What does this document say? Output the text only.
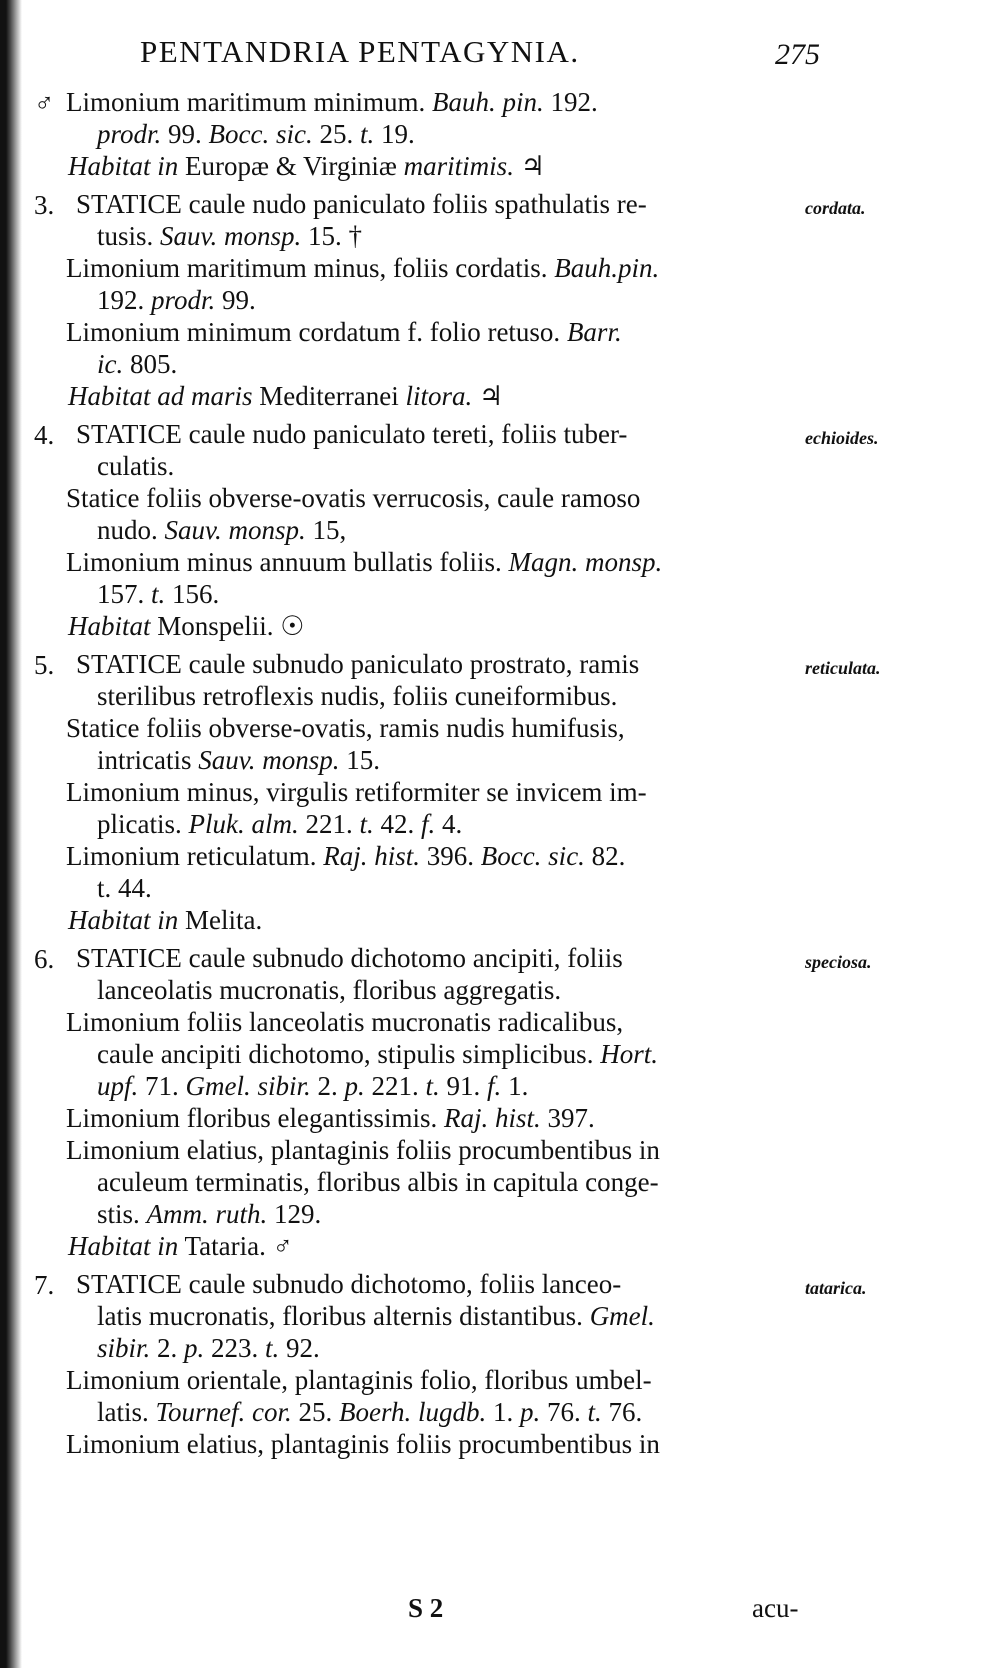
PENTANDRIA PENTAGYNIA.	275
♂ Limonium maritimum minimum. Bauh. pin. 192.
prodr. 99. Bocc. sic. 25. t. 19.
Habitat in Europæ & Virginiæ maritimis. ♃
3. STATICE caule nudo paniculato foliis spathulatis re-	cordata.
tusis. Sauv. monsp. 15. †
Limonium maritimum minus, foliis cordatis. Bauh.pin.
192. prodr. 99.
Limonium minimum cordatum f. folio retuso. Barr.
ic. 805.
Habitat ad maris Mediterranei litora. ♃
4. STATICE caule nudo paniculato tereti, foliis tuber-	echioides.
culatis.
Statice foliis obverse-ovatis verrucosis, caule ramoso
nudo. Sauv. monsp. 15,
Limonium minus annuum bullatis foliis. Magn. monsp.
157. t. 156.
Habitat Monspelii. ☉
5. STATICE caule subnudo paniculato prostrato, ramis	reticulata.
sterilibus retroflexis nudis, foliis cuneiformibus.
Statice foliis obverse-ovatis, ramis nudis humifusis,
intricatis Sauv. monsp. 15.
Limonium minus, virgulis retiformiter se invicem im-
plicatis. Pluk. alm. 221. t. 42. f. 4.
Limonium reticulatum. Raj. hist. 396. Bocc. sic. 82.
t. 44.
Habitat in Melita.
6. STATICE caule subnudo dichotomo ancipiti, foliis	speciosa.
lanceolatis mucronatis, floribus aggregatis.
Limonium foliis lanceolatis mucronatis radicalibus,
caule ancipiti dichotomo, stipulis simplicibus. Hort.
upf. 71. Gmel. sibir. 2. p. 221. t. 91. f. 1.
Limonium floribus elegantissimis. Raj. hist. 397.
Limonium elatius, plantaginis foliis procumbentibus in
aculeum terminatis, floribus albis in capitula conge-
stis. Amm. ruth. 129.
Habitat in Tataria. ♂
7. STATICE caule subnudo dichotomo, foliis lanceo-	tatarica.
latis mucronatis, floribus alternis distantibus. Gmel.
sibir. 2. p. 223. t. 92.
Limonium orientale, plantaginis folio, floribus umbel-
latis. Tournef. cor. 25. Boerh. lugdb. 1. p. 76. t. 76.
Limonium elatius, plantaginis foliis procumbentibus in
S 2	acu-
